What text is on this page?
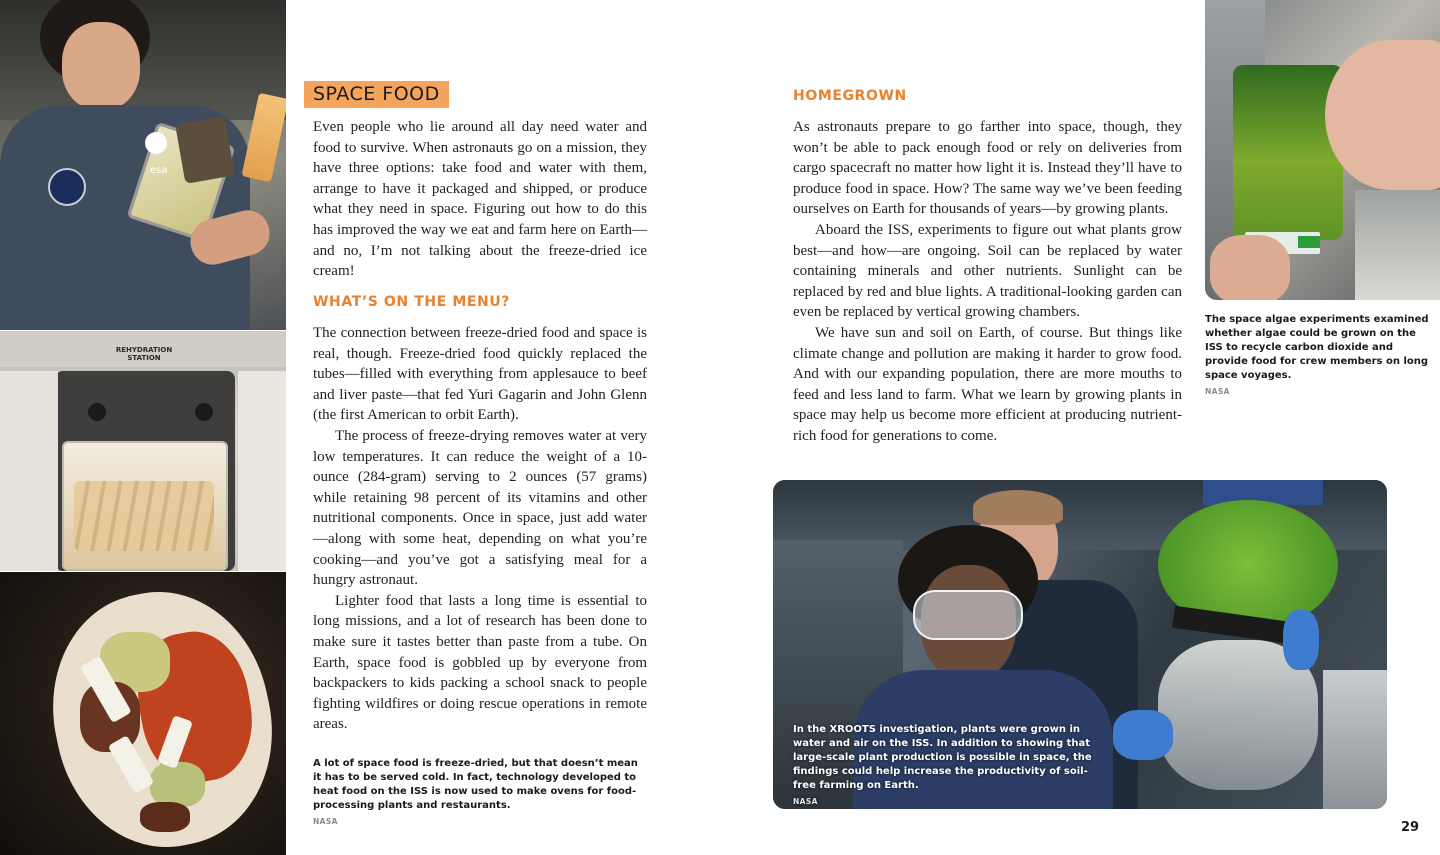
esa
REHYDRATION
STATION
In the XROOTS investigation, plants were grown in water and air on the ISS. In addition to showing that large-scale plant production is possible in space, the findings could help increase the productivity of soil-free farming on Earth.
NASA
SPACE FOOD

Even people who lie around all day need water and food to survive. When astronauts go on a mission, they have three options: take food and water with them, arrange to have it packaged and shipped, or produce what they need in space. Figuring out how to do this has improved the way we eat and farm here on Earth—and no, I’m not talking about the freeze-dried ice cream!

WHAT’S ON THE MENU?

The connection between freeze-dried food and space is real, though. Freeze-dried food quickly replaced the tubes—filled with everything from applesauce to beef and liver paste—that fed Yuri Gagarin and John Glenn (the first American to orbit Earth).

The process of freeze-drying removes water at very low temperatures. It can reduce the weight of a 10-ounce (284-gram) serving to 2 ounces (57 grams) while retaining 98 percent of its vitamins and other nutritional components. Once in space, just add water—along with some heat, depending on what you’re cooking—and you’ve got a satisfying meal for a hungry astronaut.

Lighter food that lasts a long time is essential to long missions, and a lot of research has been done to make sure it tastes better than paste from a tube. On Earth, space food is gobbled up by everyone from backpackers to kids packing a school snack to people fighting wildfires or doing rescue operations in remote areas.

A lot of space food is freeze-dried, but that doesn’t mean it has to be served cold. In fact, technology developed to heat food on the ISS is now used to make ovens for food-processing plants and restaurants.
NASA
HOMEGROWN

As astronauts prepare to go farther into space, though, they won’t be able to pack enough food or rely on deliveries from cargo spacecraft no matter how light it is. Instead they’ll have to produce food in space. How? The same way we’ve been feeding ourselves on Earth for thousands of years—by growing plants.

Aboard the ISS, experiments to figure out what plants grow best—and how—are ongoing. Soil can be replaced by water containing minerals and other nutrients. Sunlight can be replaced by red and blue lights. A traditional-looking garden can even be replaced by vertical growing chambers.

We have sun and soil on Earth, of course. But things like climate change and pollution are making it harder to grow food. And with our expanding population, there are more mouths to feed and less land to farm. What we learn by growing plants in space may help us become more efficient at producing nutrient-rich food for generations to come.

The space algae experiments examined whether algae could be grown on the ISS to recycle carbon dioxide and provide food for crew members on long space voyages.
NASA
29
